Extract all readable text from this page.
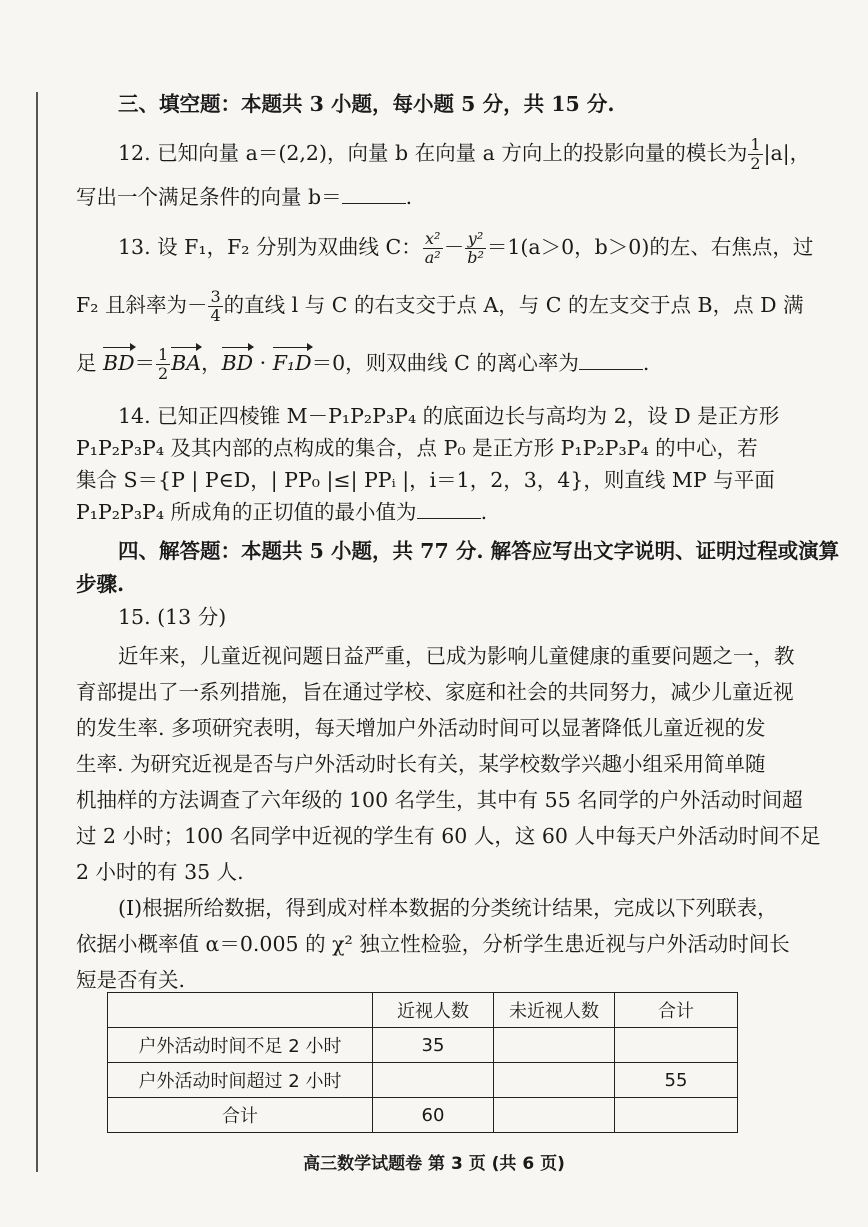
三、填空题：本题共 3 小题，每小题 5 分，共 15 分.
12. 已知向量 a＝(2,2)，向量 b 在向量 a 方向上的投影向量的模长为 $\frac{1}{2} |a|$，
写出一个满足条件的向量 b＝	.
13. 设 F₁，F₂ 分别为双曲线 C： $\frac{\text{x²}}{\text{a²}} - \frac{\text{y²}}{\text{b²}} =1(a>0$，b＞0)的左、右焦点，过
F₂ 且斜率为－ $\frac{3}{4}$ 的直线 l 与 C 的右支交于点 A，与 C 的左支交于点 B，点 D 满
足 $BD= \frac{1}{2}$ BA，BD · F₁D＝0，则双曲线 C 的离心率为	.
14. 已知正四棱锥 M－P₁P₂P₃P₄ 的底面边长与高均为 2，设 D 是正方形
P₁P₂P₃P₄ 及其内部的点构成的集合，点 P₀ 是正方形 P₁P₂P₃P₄ 的中心，若
集合 S＝{P | P∈D，| PP₀ |≤| PPᵢ |，i＝1，2，3，4}，则直线 MP 与平面
P₁P₂P₃P₄ 所成角的正切值的最小值为	.
四、解答题：本题共 5 小题，共 77 分. 解答应写出文字说明、证明过程或演算
步骤.
15. (13 分)
近年来，儿童近视问题日益严重，已成为影响儿童健康的重要问题之一，教
育部提出了一系列措施，旨在通过学校、家庭和社会的共同努力，减少儿童近视
的发生率. 多项研究表明，每天增加户外活动时间可以显著降低儿童近视的发
生率. 为研究近视是否与户外活动时长有关，某学校数学兴趣小组采用简单随
机抽样的方法调查了六年级的 100 名学生，其中有 55 名同学的户外活动时间超
过 2 小时；100 名同学中近视的学生有 60 人，这 60 人中每天户外活动时间不足
2 小时的有 35 人.
(Ⅰ)根据所给数据，得到成对样本数据的分类统计结果，完成以下列联表，
依据小概率值 α＝0.005 的 χ² 独立性检验，分析学生患近视与户外活动时间长
短是否有关.
	近视人数	未近视人数	合计
户外活动时间不足 2 小时	35		
户外活动时间超过 2 小时			55
合计	60		
高三数学试题卷 第 3 页 (共 6 页)
